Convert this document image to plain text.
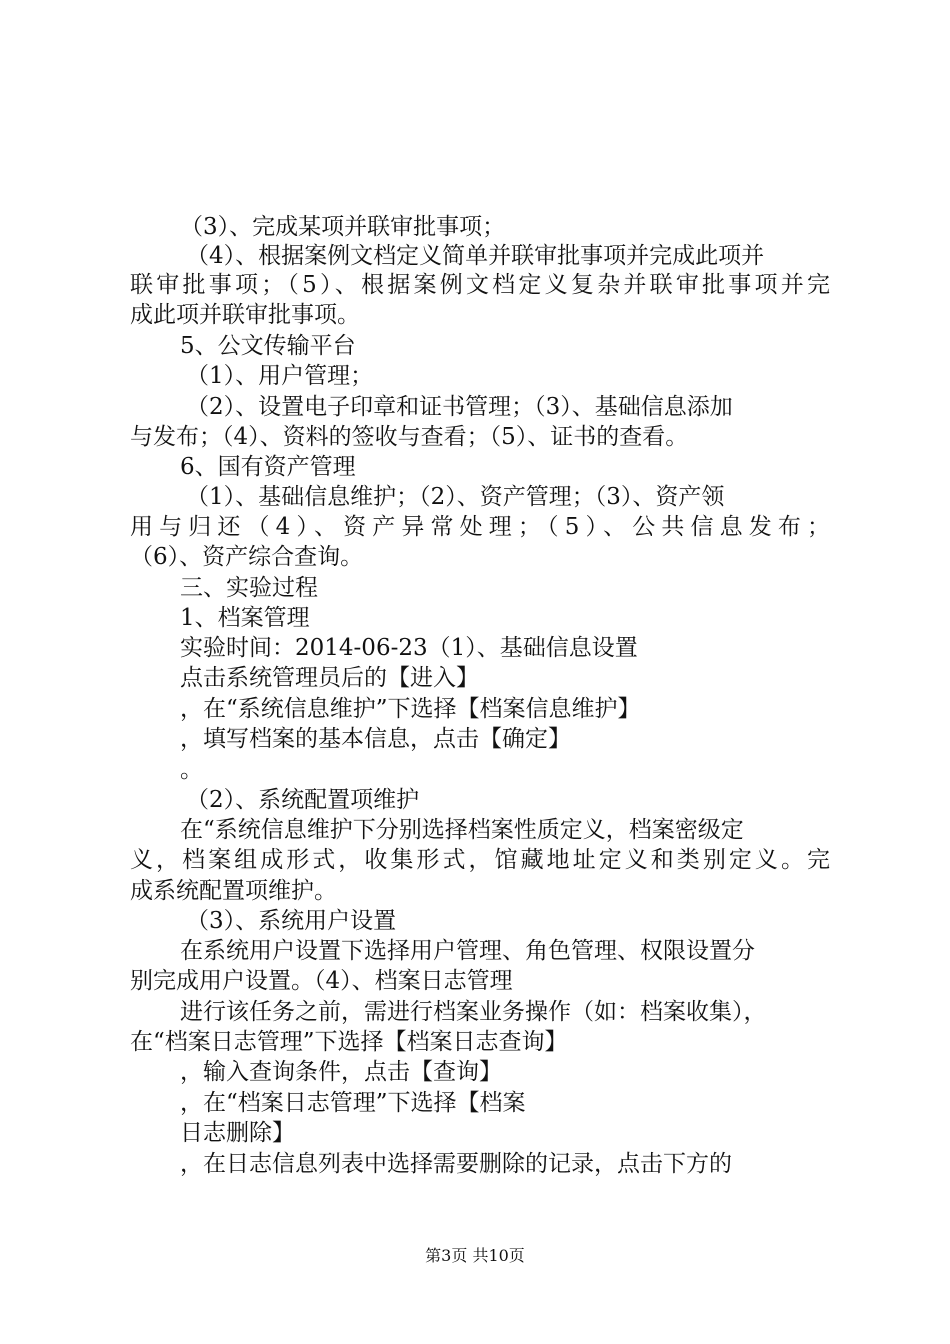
（3）、完成某项并联审批事项；
（4）、根据案例文档定义简单并联审批事项并完成此项并
联审批事项；（5）、根据案例文档定义复杂并联审批事项并完
成此项并联审批事项。
5、公文传输平台
（1）、用户管理；
（2）、设置电子印章和证书管理；（3）、基础信息添加
与发布；（4）、资料的签收与查看；（5）、证书的查看。
6、国有资产管理
（1）、基础信息维护；（2）、资产管理；（3）、资产领
用与归还（4）、资产异常处理；（5）、公共信息发布；
（6）、资产综合查询。
三、实验过程
1、档案管理
实验时间：2014-06-23（1）、基础信息设置
点击系统管理员后的【进入】
，在“系统信息维护”下选择【档案信息维护】
，填写档案的基本信息，点击【确定】
。
（2）、系统配置项维护
在“系统信息维护下分别选择档案性质定义，档案密级定
义，档案组成形式，收集形式，馆藏地址定义和类别定义。完
成系统配置项维护。
（3）、系统用户设置
在系统用户设置下选择用户管理、角色管理、权限设置分
别完成用户设置。（4）、档案日志管理
进行该任务之前，需进行档案业务操作（如：档案收集），
在“档案日志管理”下选择【档案日志查询】
，输入查询条件，点击【查询】
，在“档案日志管理”下选择【档案
日志删除】
，在日志信息列表中选择需要删除的记录，点击下方的
第3页 共10页
